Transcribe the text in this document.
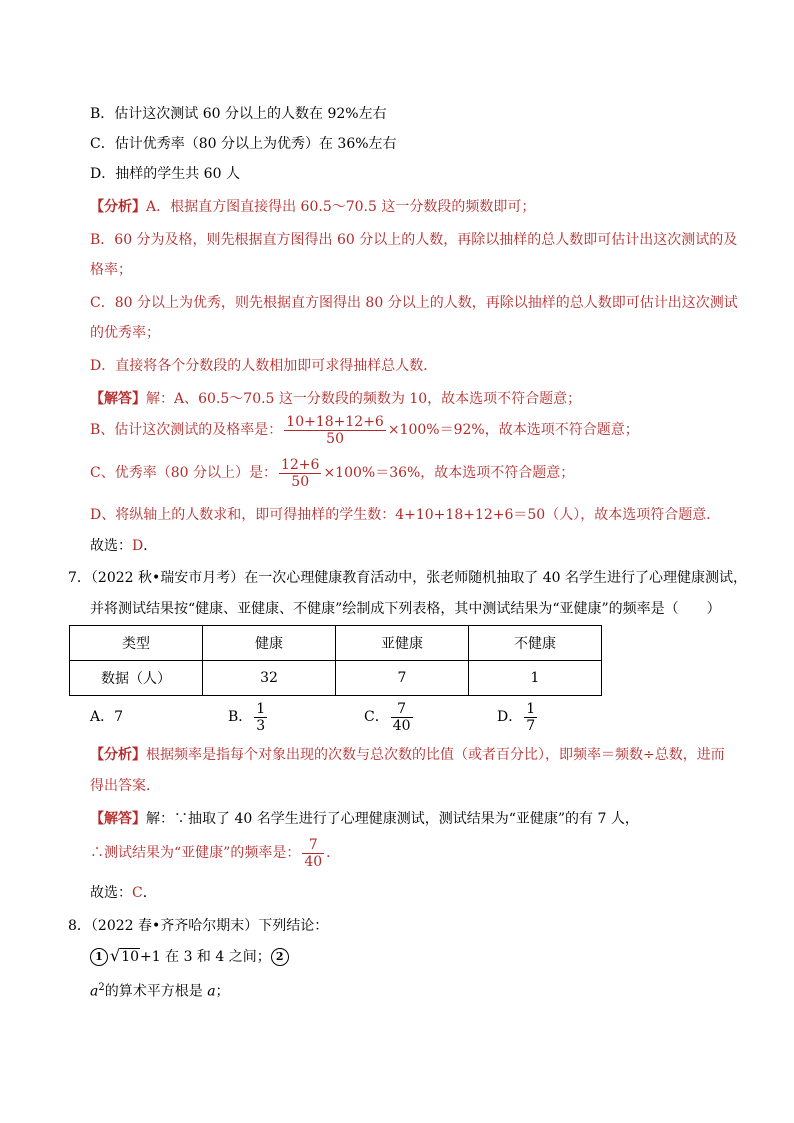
B．估计这次测试 60 分以上的人数在 92%左右
C．估计优秀率（80 分以上为优秀）在 36%左右
D．抽样的学生共 60 人
【分析】A．根据直方图直接得出 60.5～70.5 这一分数段的频数即可；
B．60 分为及格，则先根据直方图得出 60 分以上的人数，再除以抽样的总人数即可估计出这次测试的及
格率；
C．80 分以上为优秀，则先根据直方图得出 80 分以上的人数，再除以抽样的总人数即可估计出这次测试
的优秀率；
D．直接将各个分数段的人数相加即可求得抽样总人数．
【解答】解：A、60.5～70.5 这一分数段的频数为 10，故本选项不符合题意；
B、估计这次测试的及格率是： $\frac{10+18+12+6}{50} \times 100\%=92\%$，故本选项不符合题意；
C、优秀率（80 分以上）是： $\frac{12+6}{50} \times 100\%=36\%$，故本选项不符合题意；
D、将纵轴上的人数求和，即可得抽样的学生数：4+10+18+12+6＝50（人），故本选项符合题意．
故选：D．
7．（2022 秋•瑞安市月考）在一次心理健康教育活动中，张老师随机抽取了 40 名学生进行了心理健康测试，
并将测试结果按“健康、亚健康、不健康”绘制成下列表格，其中测试结果为“亚健康”的频率是（　　）
类型	健康	亚健康	不健康
数据（人）	32	7	1
A．7	B． $\frac{1}{3}$	C． $\frac{7}{40}$	D． $\frac{1}{7}$
【分析】根据频率是指每个对象出现的次数与总次数的比值（或者百分比），即频率＝频数÷总数，进而
得出答案．
【解答】解：∵抽取了 40 名学生进行了心理健康测试，测试结果为“亚健康”的有 7 人，
∴测试结果为“亚健康”的频率是： $\frac{7}{40}$ ．
故选：C．
8．（2022 春•齐齐哈尔期末）下列结论：
1 √10+1 在 3 和 4 之间； 2
$a^2$的算术平方根是 a；
